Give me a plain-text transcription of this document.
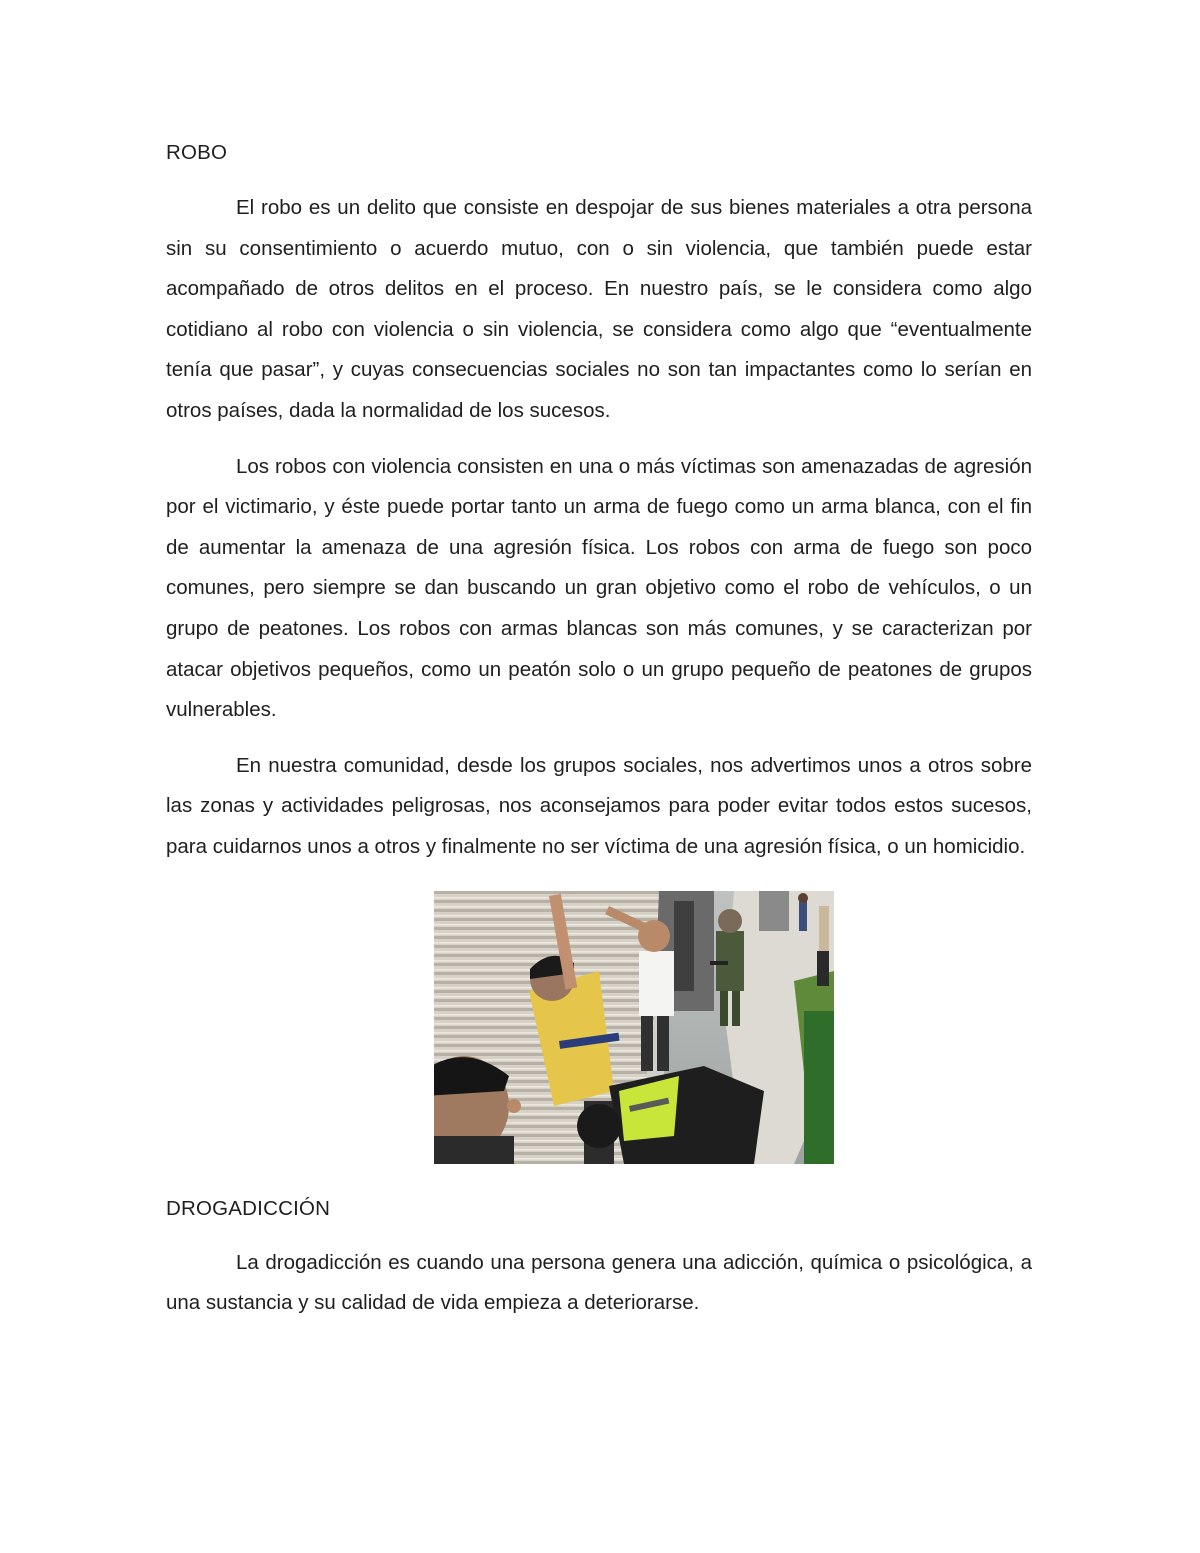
ROBO

El robo es un delito que consiste en despojar de sus bienes materiales a otra persona sin su consentimiento o acuerdo mutuo, con o sin violencia, que también puede estar acompañado de otros delitos en el proceso. En nuestro país, se le considera como algo cotidiano al robo con violencia o sin violencia, se considera como algo que “eventualmente tenía que pasar”, y cuyas consecuencias sociales no son tan impactantes como lo serían en otros países, dada la normalidad de los sucesos.

Los robos con violencia consisten en una o más víctimas son amenazadas de agresión por el victimario, y éste puede portar tanto un arma de fuego como un arma blanca, con el fin de aumentar la amenaza de una agresión física. Los robos con arma de fuego son poco comunes, pero siempre se dan buscando un gran objetivo como el robo de vehículos, o un grupo de peatones. Los robos con armas blancas son más comunes, y se caracterizan por atacar objetivos pequeños, como un peatón solo o un grupo pequeño de peatones de grupos vulnerables.

En nuestra comunidad, desde los grupos sociales, nos advertimos unos a otros sobre las zonas y actividades peligrosas, nos aconsejamos para poder evitar todos estos sucesos, para cuidarnos unos a otros y finalmente no ser víctima de una agresión física, o un homicidio.

DROGADICCIÓN

La drogadicción es cuando una persona genera una adicción, química o psicológica, a una sustancia y su calidad de vida empieza a deteriorarse.
